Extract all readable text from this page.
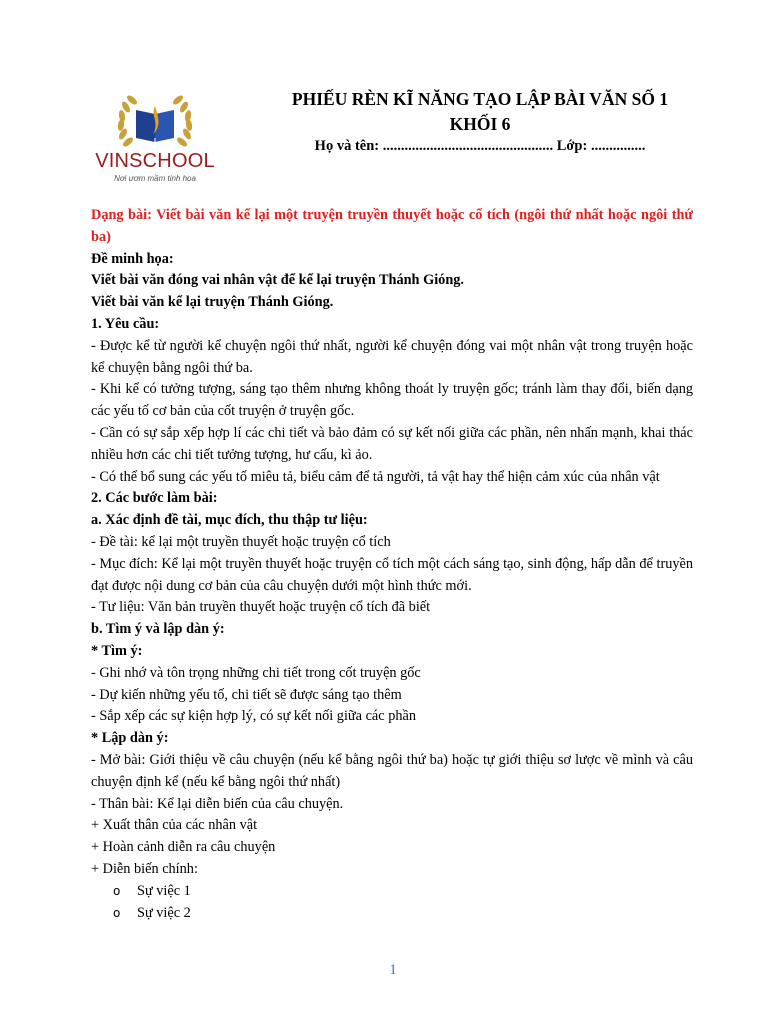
VINSCHOOL
Nơi ươm mầm tinh hoa
PHIẾU RÈN KĨ NĂNG TẠO LẬP BÀI VĂN SỐ 1
KHỐI 6
Họ và tên: ............................................... Lớp: ...............

Dạng bài: Viết bài văn kể lại một truyện truyền thuyết hoặc cổ tích (ngôi thứ nhất hoặc ngôi thứ ba)

Đề minh họa:

Viết bài văn đóng vai nhân vật để kể lại truyện Thánh Gióng.

Viết bài văn kể lại truyện Thánh Gióng.

1. Yêu cầu:

- Được kể từ người kể chuyện ngôi thứ nhất, người kể chuyện đóng vai một nhân vật trong truyện hoặc kể chuyện bằng ngôi thứ ba.

- Khi kể có tưởng tượng, sáng tạo thêm nhưng không thoát ly truyện gốc; tránh làm thay đổi, biến dạng các yếu tố cơ bản của cốt truyện ở truyện gốc.

- Cần có sự sắp xếp hợp lí các chi tiết và bảo đảm có sự kết nối giữa các phần, nên nhấn mạnh, khai thác nhiều hơn các chi tiết tưởng tượng, hư cấu, kì ảo.

- Có thể bổ sung các yếu tố miêu tả, biểu cảm để tả người, tả vật hay thể hiện cảm xúc của nhân vật

2. Các bước làm bài:

a. Xác định đề tài, mục đích, thu thập tư liệu:

- Đề tài: kể lại một truyền thuyết hoặc truyện cổ tích

- Mục đích: Kể lại một truyền thuyết hoặc truyện cổ tích một cách sáng tạo, sinh động, hấp dẫn để truyền đạt được nội dung cơ bản của câu chuyện dưới một hình thức mới.

- Tư liệu: Văn bản truyền thuyết hoặc truyện cổ tích đã biết

b. Tìm ý và lập dàn ý:

* Tìm ý:

- Ghi nhớ và tôn trọng những chi tiết trong cốt truyện gốc

- Dự kiến những yếu tố, chi tiết sẽ được sáng tạo thêm

- Sắp xếp các sự kiện hợp lý, có sự kết nối giữa các phần

* Lập dàn ý:

- Mở bài: Giới thiệu về câu chuyện (nếu kể bằng ngôi thứ ba) hoặc tự giới thiệu sơ lược về mình và câu chuyện định kể (nếu kể bằng ngôi thứ nhất)

- Thân bài: Kể lại diễn biến của câu chuyện.

+ Xuất thân của các nhân vật

+ Hoàn cảnh diễn ra câu chuyện

+ Diễn biến chính:

o Sự việc 1

o Sự việc 2

1
